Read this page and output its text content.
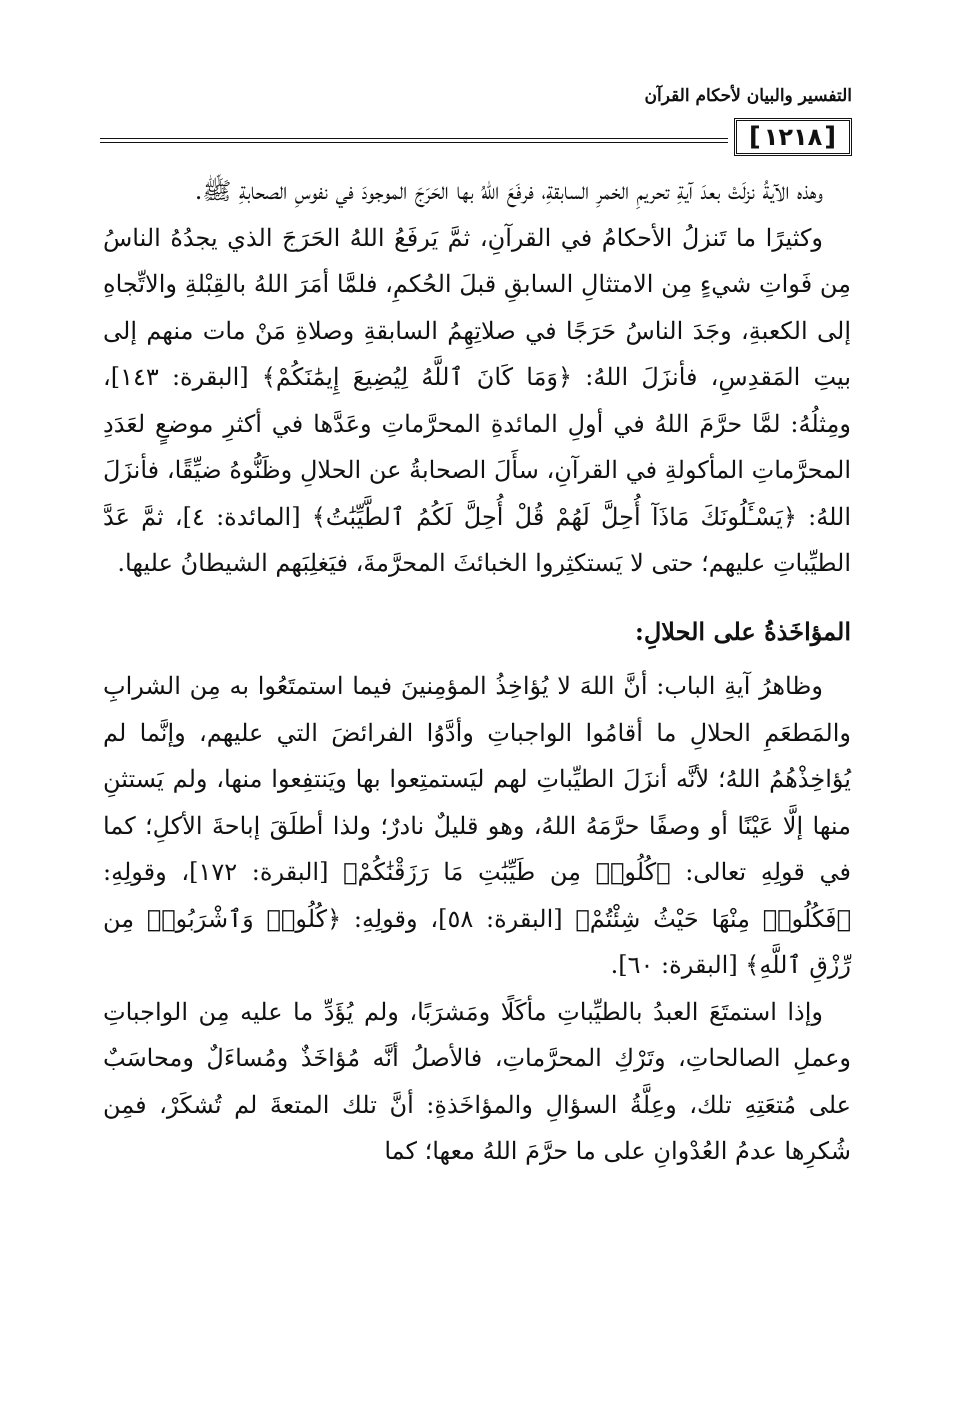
التفسير والبيان لأحكام القرآن
[ ١٢١٨ ]

وهذه الآيةُ نزلَتْ بعدَ آيةِ تحريمِ الخمرِ السابقةِ، فرفَعَ اللهُ بها الحَرَجَ الموجودَ في نفوسِ الصحابةِ ﷺ.

وكثيرًا ما تَنزلُ الأحكامُ في القرآنِ، ثمَّ يَرفَعُ اللهُ الحَرَجَ الذي يجدُهُ الناسُ مِن فَواتِ شيءٍ مِن الامتثالِ السابقِ قبلَ الحُكمِ، فلمَّا أمَرَ اللهُ بالقِبْلةِ والاتِّجاهِ إلى الكعبةِ، وجَدَ الناسُ حَرَجًا في صلاتِهِمُ السابقةِ وصلاةِ مَنْ مات منهم إلى بيتِ المَقدِسِ، فأنزَلَ اللهُ: ﴿وَمَا كَانَ ٱللَّهُ لِيُضِيعَ إِيمَٰنَكُمْ﴾ [البقرة: ١٤٣]، ومِثلُهُ: لمَّا حرَّمَ اللهُ في أولِ المائدةِ المحرَّماتِ وعَدَّها في أكثرِ موضعٍ لعَدَدِ المحرَّماتِ المأكولةِ في القرآنِ، سأَلَ الصحابةُ عن الحلالِ وظَنُّوهُ ضيِّقًا، فأنزَلَ اللهُ: ﴿يَسْـَٔلُونَكَ مَاذَآ أُحِلَّ لَهُمْ قُلْ أُحِلَّ لَكُمُ ٱلطَّيِّبَٰتُ﴾ [المائدة: ٤]، ثمَّ عَدَّ الطيِّباتِ عليهم؛ حتى لا يَستكثِروا الخبائثَ المحرَّمةَ، فيَغلِبَهم الشيطانُ عليها.

المؤاخَذةُ على الحلالِ:

وظاهرُ آيةِ الباب: أنَّ اللهَ لا يُؤاخِذُ المؤمِنينَ فيما استمتَعُوا به مِن الشرابِ والمَطعَمِ الحلالِ ما أقامُوا الواجباتِ وأدَّوُا الفرائضَ التي عليهم، وإنَّما لم يُؤاخِذْهُمُ اللهُ؛ لأنَّه أنزَلَ الطيِّباتِ لهم ليَستمتِعوا بها ويَنتفِعوا منها، ولم يَستثنِ منها إلَّا عَيْنًا أو وصفًا حرَّمَهُ اللهُ، وهو قليلٌ نادرٌ؛ ولذا أطلَقَ إباحةَ الأكلِ؛ كما في قولِهِ تعالى: ﴿كُلُوا۟ مِن طَيِّبَٰتِ مَا رَزَقْنَٰكُمْ﴾ [البقرة: ١٧٢]، وقولِهِ: ﴿فَكُلُوا۟ مِنْهَا حَيْثُ شِئْتُمْ﴾ [البقرة: ٥٨]، وقولِهِ: ﴿كُلُوا۟ وَٱشْرَبُوا۟ مِن رِّزْقِ ٱللَّهِ﴾ [البقرة: ٦٠].

وإذا استمتَعَ العبدُ بالطيِّباتِ مأكَلًا ومَشرَبًا، ولم يُؤَدِّ ما عليه مِن الواجباتِ وعملِ الصالحاتِ، وتَرْكِ المحرَّماتِ، فالأصلُ أنَّه مُؤاخَذٌ ومُساءَلٌ ومحاسَبٌ على مُتعَتِهِ تلك، وعِلَّةُ السؤالِ والمؤاخَذةِ: أنَّ تلك المتعةَ لم تُشكَرْ، فمِن شُكرِها عدمُ العُدْوانِ على ما حرَّمَ اللهُ معها؛ كما
